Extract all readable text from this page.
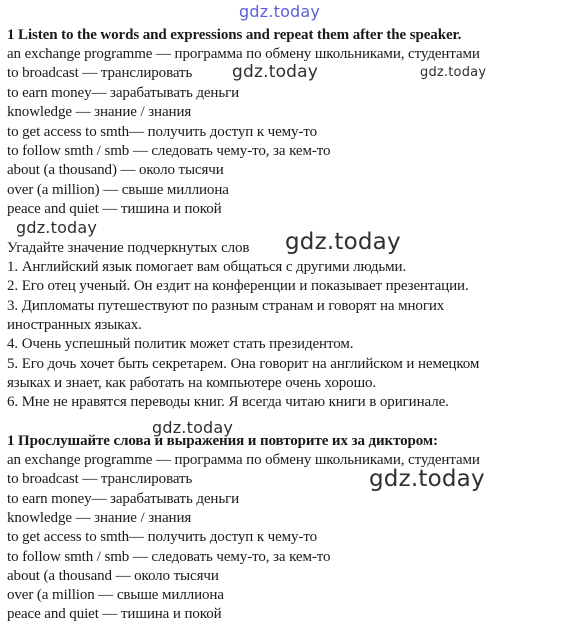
gdz.today
gdz.today	gdz.today
gdz.today
gdz.today
gdz.today
gdz.today
1 Listen to the words and expressions and repeat them after the speaker.
an exchange programme — программа по обмену школьниками, студентами
to broadcast — транслировать
to earn money— зарабатывать деньги
knowledge — знание / знания
to get access to smth— получить доступ к чему-то
to follow smth / smb — следовать чему-то, за кем-то
about (a thousand) — около тысячи
over (a million) — свыше миллиона
peace and quiet — тишина и покой
Угадайте значение подчеркнутых слов
1. Английский язык помогает вам общаться с другими людьми.
2. Его отец ученый. Он ездит на конференции и показывает презентации.
3. Дипломаты путешествуют по разным странам и говорят на многих
иностранных языках.
4. Очень успешный политик может стать президентом.
5. Его дочь хочет быть секретарем. Она говорит на английском и немецком
языках и знает, как работать на компьютере очень хорошо.
6. Мне не нравятся переводы книг. Я всегда читаю книги в оригинале.
1 Прослушайте слова и выражения и повторите их за диктором:
an exchange programme — программа по обмену школьниками, студентами
to broadcast — транслировать
to earn money— зарабатывать деньги
knowledge — знание / знания
to get access to smth— получить доступ к чему-то
to follow smth / smb — следовать чему-то, за кем-то
about (a thousand — около тысячи
over (a million — свыше миллиона
peace and quiet — тишина и покой
